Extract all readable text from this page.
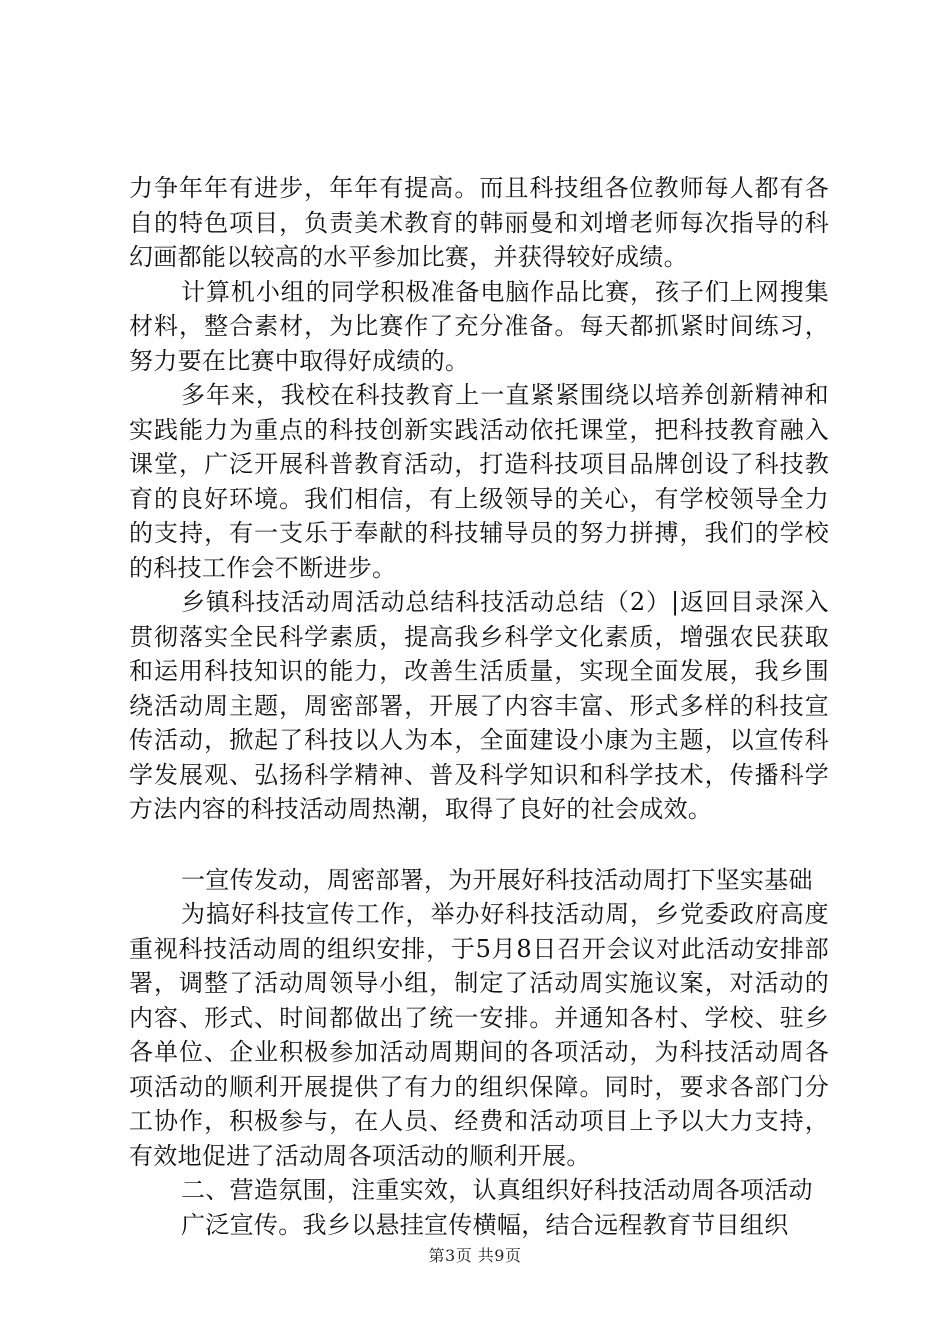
力争年年有进步，年年有提高。而且科技组各位教师每人都有各自的特色项目，负责美术教育的韩丽曼和刘增老师每次指导的科幻画都能以较高的水平参加比赛，并获得较好成绩。

计算机小组的同学积极准备电脑作品比赛，孩子们上网搜集材料，整合素材，为比赛作了充分准备。每天都抓紧时间练习，努力要在比赛中取得好成绩的。

多年来，我校在科技教育上一直紧紧围绕以培养创新精神和实践能力为重点的科技创新实践活动依托课堂，把科技教育融入课堂，广泛开展科普教育活动，打造科技项目品牌创设了科技教育的良好环境。我们相信，有上级领导的关心，有学校领导全力的支持，有一支乐于奉献的科技辅导员的努力拼搏，我们的学校的科技工作会不断进步。

乡镇科技活动周活动总结科技活动总结（2）|返回目录深入贯彻落实全民科学素质，提高我乡科学文化素质，增强农民获取和运用科技知识的能力，改善生活质量，实现全面发展，我乡围绕活动周主题，周密部署，开展了内容丰富、形式多样的科技宣传活动，掀起了科技以人为本，全面建设小康为主题，以宣传科学发展观、弘扬科学精神、普及科学知识和科学技术，传播科学方法内容的科技活动周热潮，取得了良好的社会成效。

一宣传发动，周密部署，为开展好科技活动周打下坚实基础

为搞好科技宣传工作，举办好科技活动周，乡党委政府高度重视科技活动周的组织安排，于5月8日召开会议对此活动安排部署，调整了活动周领导小组，制定了活动周实施议案，对活动的内容、形式、时间都做出了统一安排。并通知各村、学校、驻乡各单位、企业积极参加活动周期间的各项活动，为科技活动周各项活动的顺利开展提供了有力的组织保障。同时，要求各部门分工协作，积极参与，在人员、经费和活动项目上予以大力支持，有效地促进了活动周各项活动的顺利开展。

二、营造氛围，注重实效，认真组织好科技活动周各项活动

广泛宣传。我乡以悬挂宣传横幅，结合远程教育节目组织

第3页 共9页
